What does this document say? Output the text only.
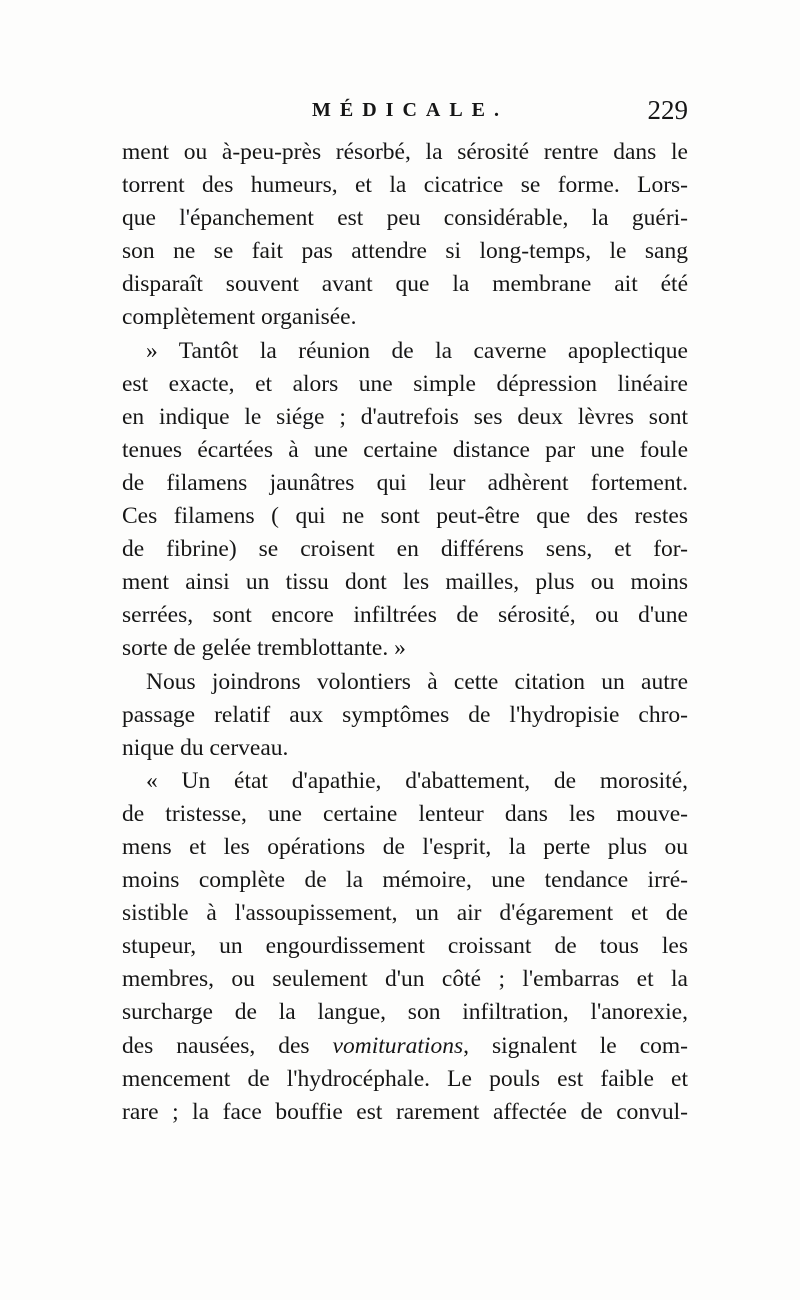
MÉDICALE.	229
ment ou à-peu-près résorbé, la sérosité rentre dans le
torrent des humeurs, et la cicatrice se forme. Lors-
que l'épanchement est peu considérable, la guéri-
son ne se fait pas attendre si long-temps, le sang
disparaît souvent avant que la membrane ait été
complètement organisée.
» Tantôt la réunion de la caverne apoplectique
est exacte, et alors une simple dépression linéaire
en indique le siége ; d'autrefois ses deux lèvres sont
tenues écartées à une certaine distance par une foule
de filamens jaunâtres qui leur adhèrent fortement.
Ces filamens ( qui ne sont peut-être que des restes
de fibrine) se croisent en différens sens, et for-
ment ainsi un tissu dont les mailles, plus ou moins
serrées, sont encore infiltrées de sérosité, ou d'une
sorte de gelée tremblottante. »
Nous joindrons volontiers à cette citation un autre
passage relatif aux symptômes de l'hydropisie chro-
nique du cerveau.
« Un état d'apathie, d'abattement, de morosité,
de tristesse, une certaine lenteur dans les mouve-
mens et les opérations de l'esprit, la perte plus ou
moins complète de la mémoire, une tendance irré-
sistible à l'assoupissement, un air d'égarement et de
stupeur, un engourdissement croissant de tous les
membres, ou seulement d'un côté ; l'embarras et la
surcharge de la langue, son infiltration, l'anorexie,
des nausées, des vomiturations, signalent le com-
mencement de l'hydrocéphale. Le pouls est faible et
rare ; la face bouffie est rarement affectée de convul-
